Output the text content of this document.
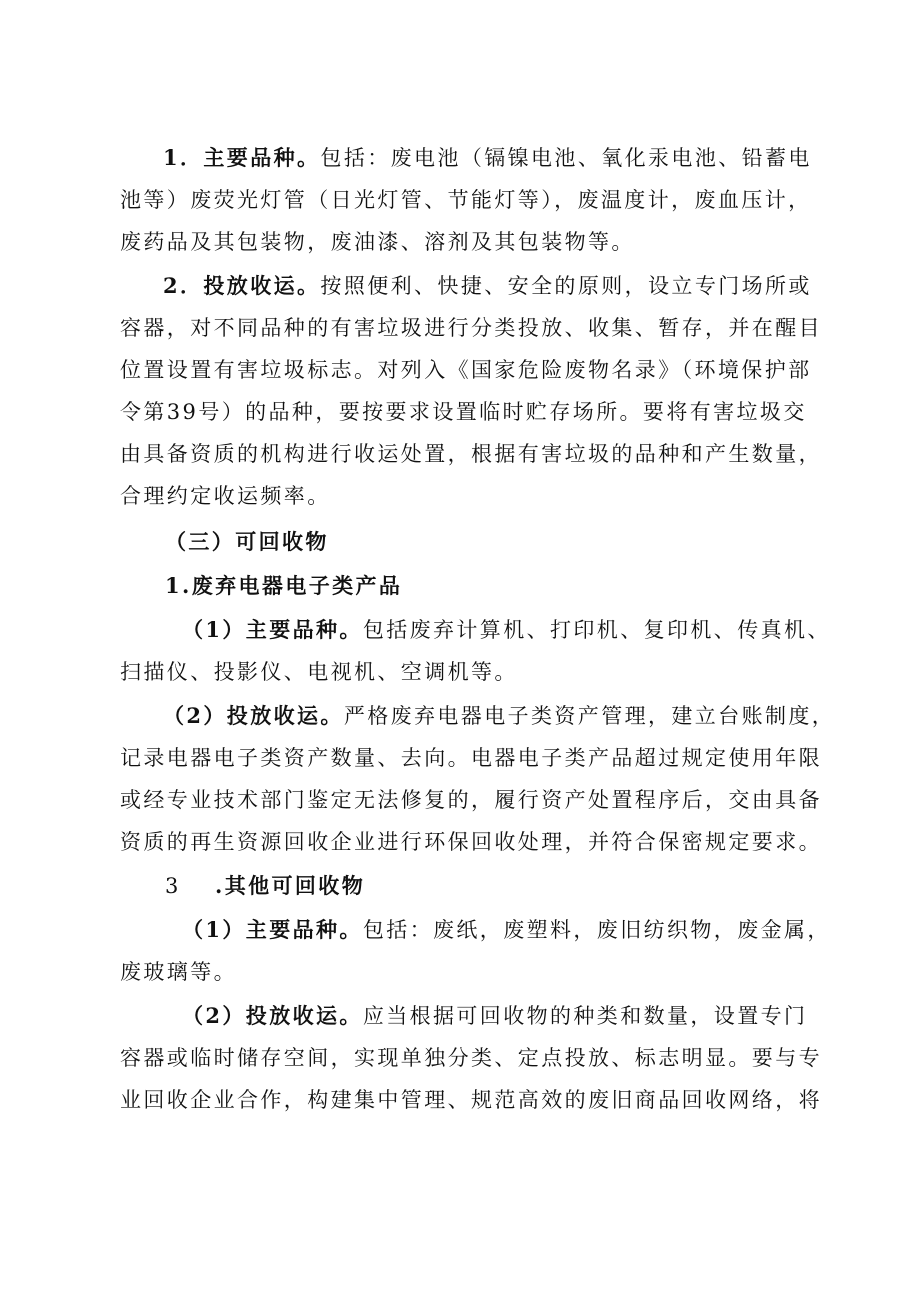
1．主要品种。包括：废电池（镉镍电池、氧化汞电池、铅蓄电
池等）废荧光灯管（日光灯管、节能灯等），废温度计，废血压计，
废药品及其包装物，废油漆、溶剂及其包装物等。
2．投放收运。按照便利、快捷、安全的原则，设立专门场所或
容器，对不同品种的有害垃圾进行分类投放、收集、暂存，并在醒目
位置设置有害垃圾标志。对列入《国家危险废物名录》（环境保护部
令第39号）的品种，要按要求设置临时贮存场所。要将有害垃圾交
由具备资质的机构进行收运处置，根据有害垃圾的品种和产生数量，
合理约定收运频率。
（三）可回收物
1.废弃电器电子类产品
（1）主要品种。包括废弃计算机、打印机、复印机、传真机、
扫描仪、投影仪、电视机、空调机等。
（2）投放收运。严格废弃电器电子类资产管理，建立台账制度，
记录电器电子类资产数量、去向。电器电子类产品超过规定使用年限
或经专业技术部门鉴定无法修复的，履行资产处置程序后，交由具备
资质的再生资源回收企业进行环保回收处理，并符合保密规定要求。
3 .其他可回收物
（1）主要品种。包括：废纸，废塑料，废旧纺织物，废金属，
废玻璃等。
（2）投放收运。应当根据可回收物的种类和数量，设置专门
容器或临时储存空间，实现单独分类、定点投放、标志明显。要与专
业回收企业合作，构建集中管理、规范高效的废旧商品回收网络，将
